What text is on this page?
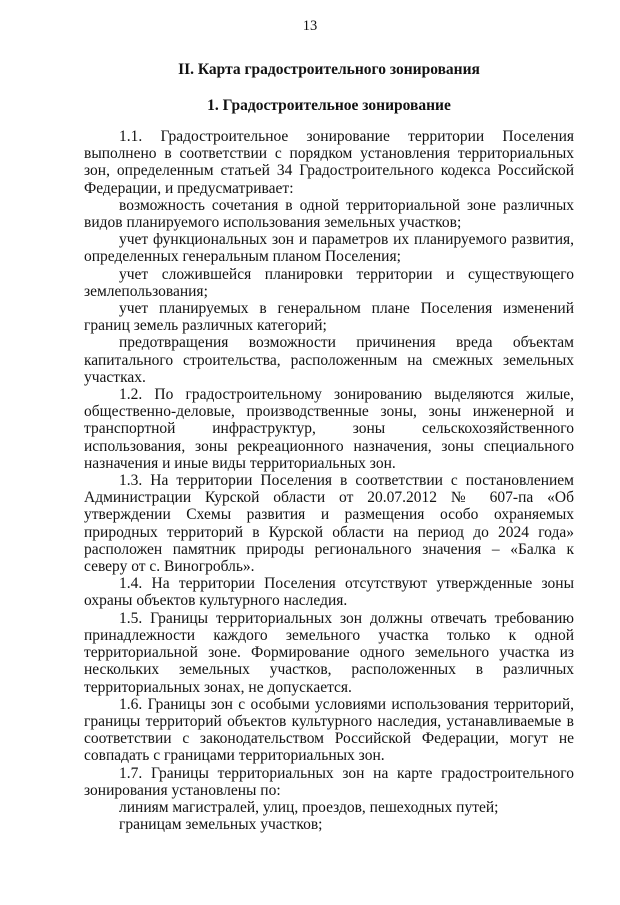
13
II. Карта градостроительного зонирования
1. Градостроительное зонирование

1.1. Градостроительное зонирование территории Поселения выполнено в соответствии с порядком установления территориальных зон, определенным статьей 34 Градостроительного кодекса Российской Федерации, и предусматривает:

возможность сочетания в одной территориальной зоне различных видов планируемого использования земельных участков;

учет функциональных зон и параметров их планируемого развития, определенных генеральным планом Поселения;

учет сложившейся планировки территории и существующего землепользования;

учет планируемых в генеральном плане Поселения изменений границ земель различных категорий;

предотвращения возможности причинения вреда объектам капитального строительства, расположенным на смежных земельных участках.

1.2. По градостроительному зонированию выделяются жилые, общественно-деловые, производственные зоны, зоны инженерной и транспортной инфраструктур, зоны сельскохозяйственного использования, зоны рекреационного назначения, зоны специального назначения и иные виды территориальных зон.

1.3. На территории Поселения в соответствии с постановлением Администрации Курской области от 20.07.2012 № 607-па «Об утверждении Схемы развития и размещения особо охраняемых природных территорий в Курской области на период до 2024 года» расположен памятник природы регионального значения – «Балка к северу от с. Виногробль».

1.4. На территории Поселения отсутствуют утвержденные зоны охраны объектов культурного наследия.

1.5. Границы территориальных зон должны отвечать требованию принадлежности каждого земельного участка только к одной территориальной зоне. Формирование одного земельного участка из нескольких земельных участков, расположенных в различных территориальных зонах, не допускается.

1.6. Границы зон с особыми условиями использования территорий, границы территорий объектов культурного наследия, устанавливаемые в соответствии с законодательством Российской Федерации, могут не совпадать с границами территориальных зон.

1.7. Границы территориальных зон на карте градостроительного зонирования установлены по:

линиям магистралей, улиц, проездов, пешеходных путей;

границам земельных участков;
